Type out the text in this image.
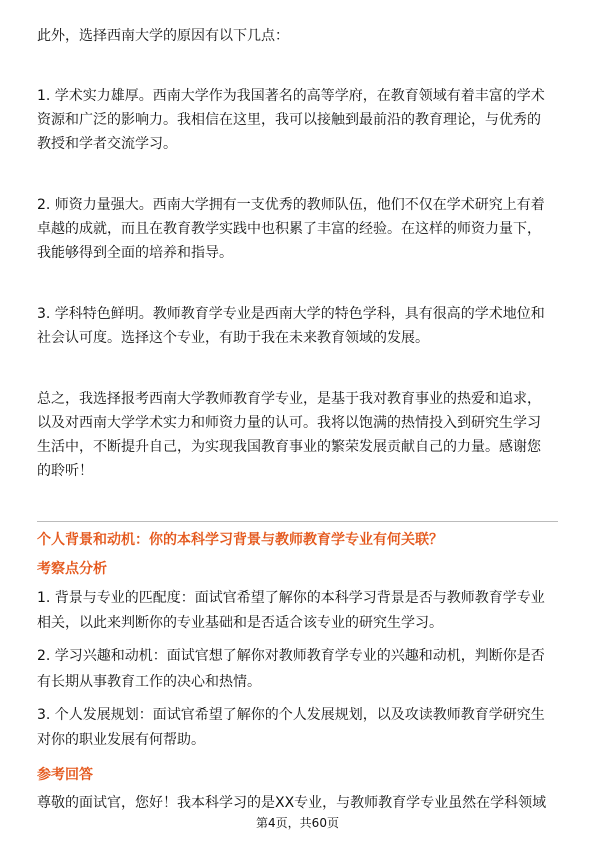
此外，选择西南大学的原因有以下几点：
1. 学术实力雄厚。西南大学作为我国著名的高等学府，在教育领域有着丰富的学术
资源和广泛的影响力。我相信在这里，我可以接触到最前沿的教育理论，与优秀的
教授和学者交流学习。
2. 师资力量强大。西南大学拥有一支优秀的教师队伍，他们不仅在学术研究上有着
卓越的成就，而且在教育教学实践中也积累了丰富的经验。在这样的师资力量下，
我能够得到全面的培养和指导。
3. 学科特色鲜明。教师教育学专业是西南大学的特色学科，具有很高的学术地位和
社会认可度。选择这个专业，有助于我在未来教育领域的发展。
总之，我选择报考西南大学教师教育学专业，是基于我对教育事业的热爱和追求，
以及对西南大学学术实力和师资力量的认可。我将以饱满的热情投入到研究生学习
生活中，不断提升自己，为实现我国教育事业的繁荣发展贡献自己的力量。感谢您
的聆听！
个人背景和动机：你的本科学习背景与教师教育学专业有何关联？
考察点分析
1. 背景与专业的匹配度：面试官希望了解你的本科学习背景是否与教师教育学专业
相关，以此来判断你的专业基础和是否适合该专业的研究生学习。
2. 学习兴趣和动机：面试官想了解你对教师教育学专业的兴趣和动机，判断你是否
有长期从事教育工作的决心和热情。
3. 个人发展规划：面试官希望了解你的个人发展规划，以及攻读教师教育学研究生
对你的职业发展有何帮助。
参考回答
尊敬的面试官，您好！我本科学习的是XX专业，与教师教育学专业虽然在学科领域
第4页，共60页
